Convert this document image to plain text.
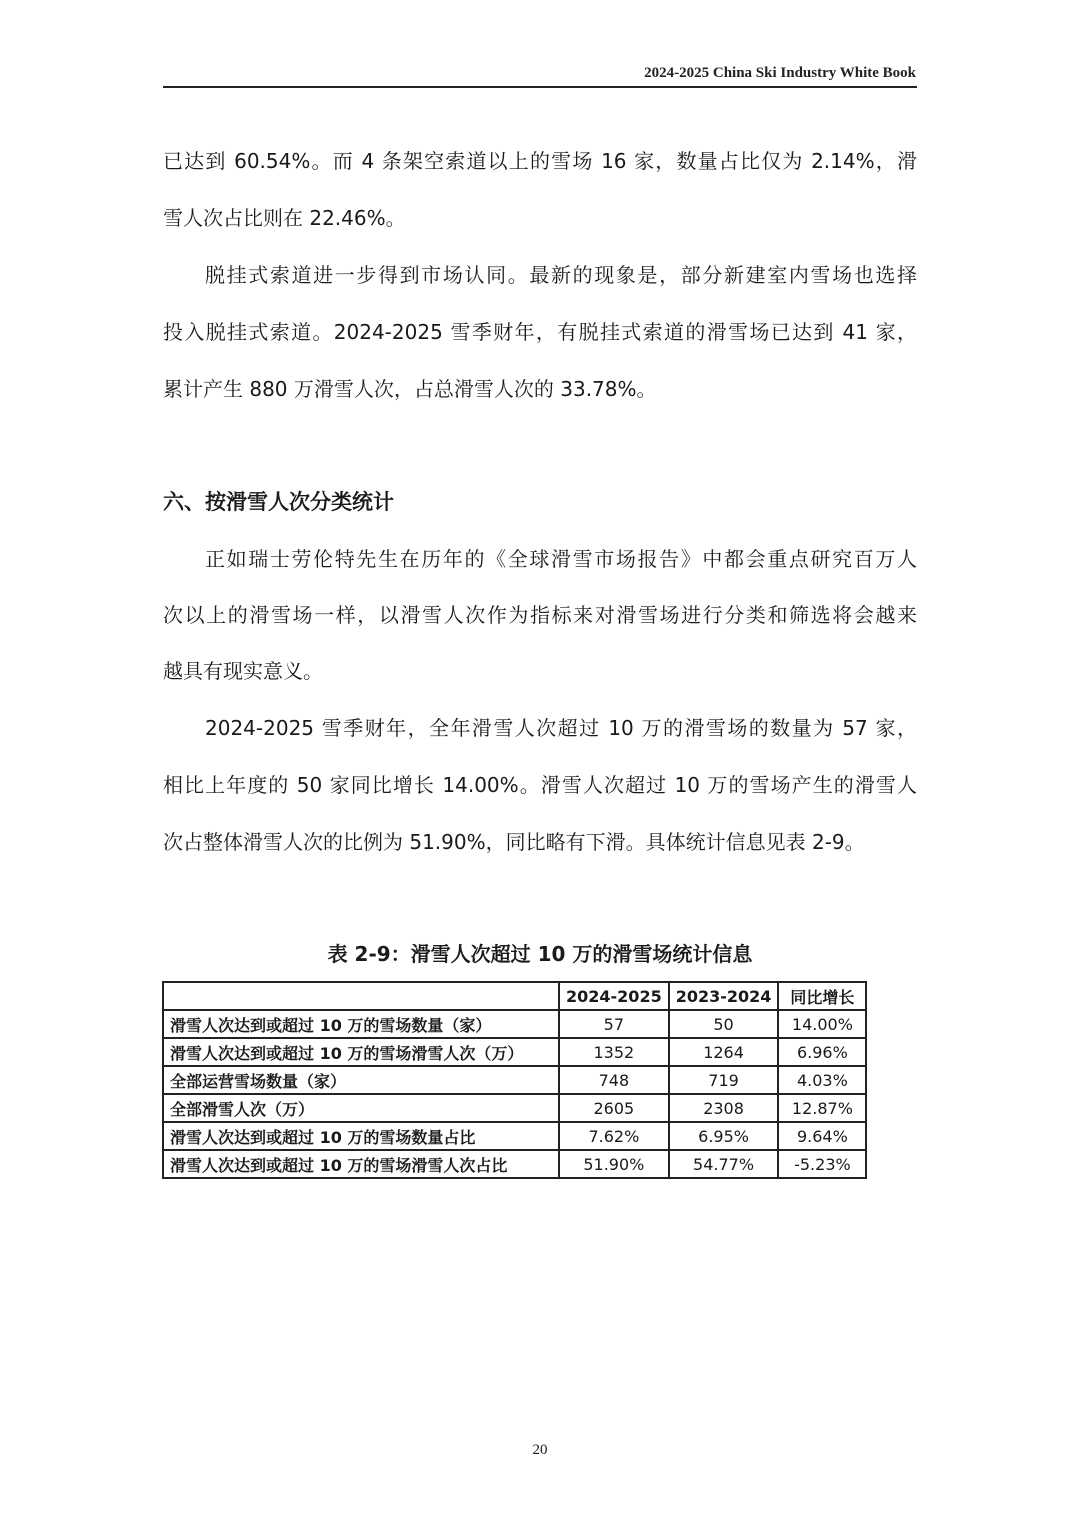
2024-2025 China Ski Industry White Book
已达到 60.54%。而 4 条架空索道以上的雪场 16 家，数量占比仅为 2.14%，滑
雪人次占比则在 22.46%。
脱挂式索道进一步得到市场认同。最新的现象是，部分新建室内雪场也选择
投入脱挂式索道。2024-2025 雪季财年，有脱挂式索道的滑雪场已达到 41 家，
累计产生 880 万滑雪人次，占总滑雪人次的 33.78%。
六、按滑雪人次分类统计
正如瑞士劳伦特先生在历年的《全球滑雪市场报告》中都会重点研究百万人
次以上的滑雪场一样，以滑雪人次作为指标来对滑雪场进行分类和筛选将会越来
越具有现实意义。
2024-2025 雪季财年，全年滑雪人次超过 10 万的滑雪场的数量为 57 家，
相比上年度的 50 家同比增长 14.00%。滑雪人次超过 10 万的雪场产生的滑雪人
次占整体滑雪人次的比例为 51.90%，同比略有下滑。具体统计信息见表 2-9。
表 2-9：滑雪人次超过 10 万的滑雪场统计信息
	2024-2025	2023-2024	同比增长
滑雪人次达到或超过 10 万的雪场数量（家）	57	50	14.00%
滑雪人次达到或超过 10 万的雪场滑雪人次（万）	1352	1264	6.96%
全部运营雪场数量（家）	748	719	4.03%
全部滑雪人次（万）	2605	2308	12.87%
滑雪人次达到或超过 10 万的雪场数量占比	7.62%	6.95%	9.64%
滑雪人次达到或超过 10 万的雪场滑雪人次占比	51.90%	54.77%	-5.23%
20
